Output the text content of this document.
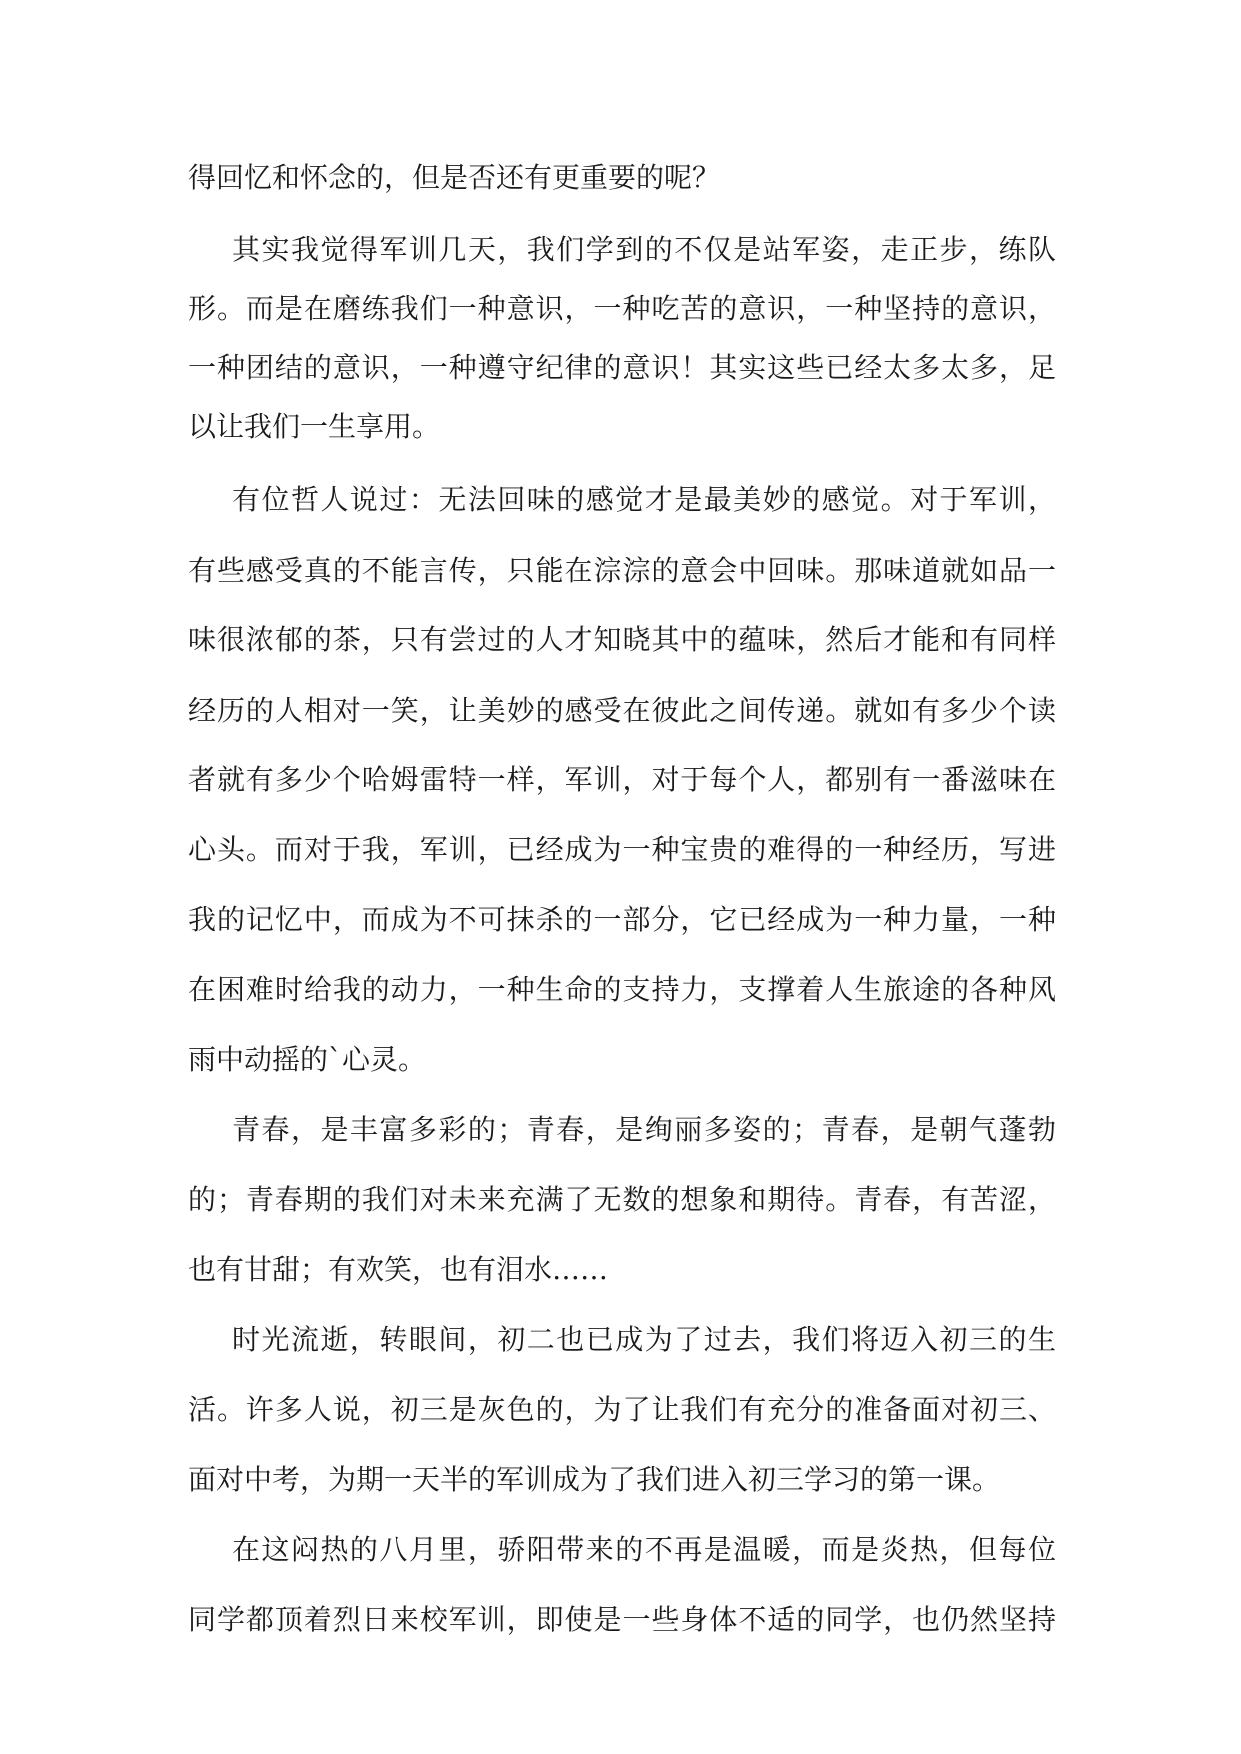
得回忆和怀念的，但是否还有更重要的呢？

其实我觉得军训几天，我们学到的不仅是站军姿，走正步，练队

形。而是在磨练我们一种意识，一种吃苦的意识，一种坚持的意识，

一种团结的意识，一种遵守纪律的意识！其实这些已经太多太多，足

以让我们一生享用。

有位哲人说过：无法回味的感觉才是最美妙的感觉。对于军训，

有些感受真的不能言传，只能在淙淙的意会中回味。那味道就如品一

味很浓郁的茶，只有尝过的人才知晓其中的蕴味，然后才能和有同样

经历的人相对一笑，让美妙的感受在彼此之间传递。就如有多少个读

者就有多少个哈姆雷特一样，军训，对于每个人，都别有一番滋味在

心头。而对于我，军训，已经成为一种宝贵的难得的一种经历，写进

我的记忆中，而成为不可抹杀的一部分，它已经成为一种力量，一种

在困难时给我的动力，一种生命的支持力，支撑着人生旅途的各种风

雨中动摇的`心灵。

青春，是丰富多彩的；青春，是绚丽多姿的；青春，是朝气蓬勃

的；青春期的我们对未来充满了无数的想象和期待。青春，有苦涩，

也有甘甜；有欢笑，也有泪水……

时光流逝，转眼间，初二也已成为了过去，我们将迈入初三的生

活。许多人说，初三是灰色的，为了让我们有充分的准备面对初三、

面对中考，为期一天半的军训成为了我们进入初三学习的第一课。

在这闷热的八月里，骄阳带来的不再是温暖，而是炎热，但每位

同学都顶着烈日来校军训，即使是一些身体不适的同学，也仍然坚持
